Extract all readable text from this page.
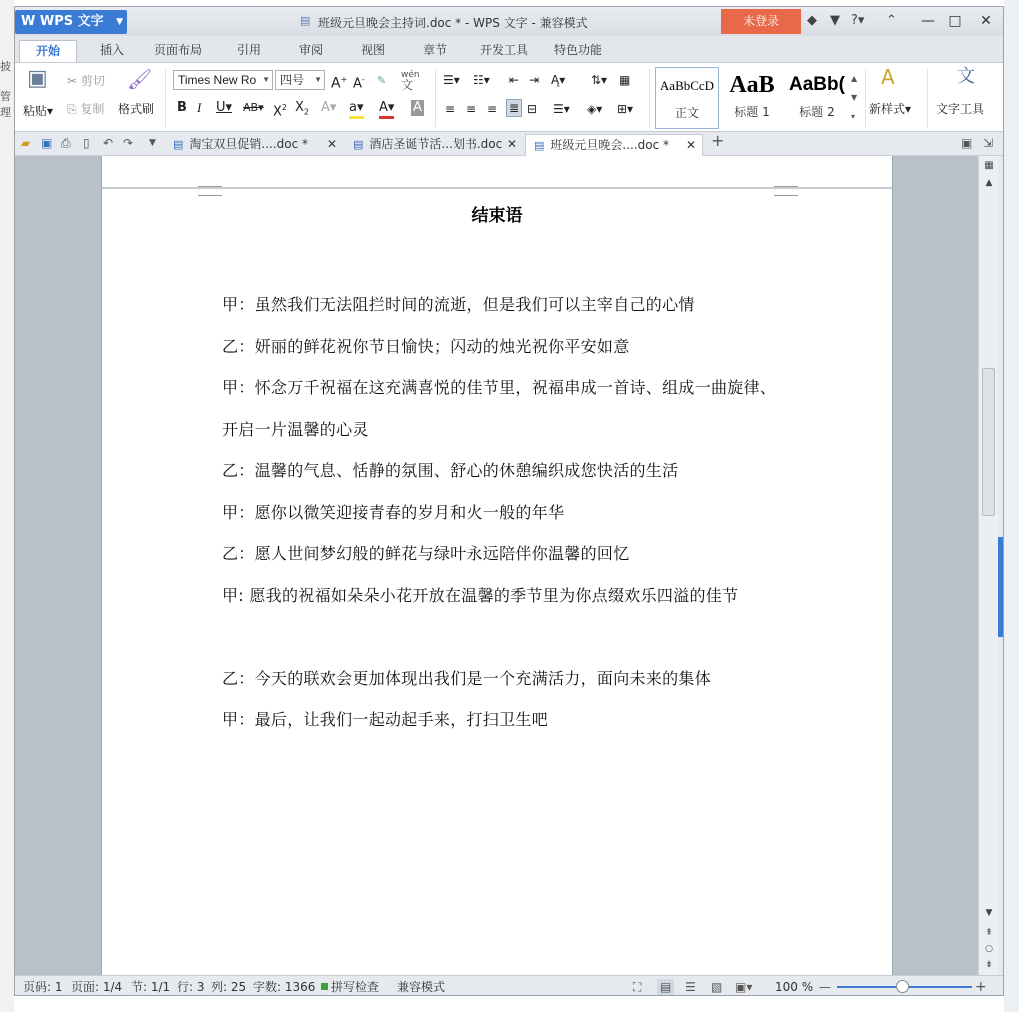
披
管理
W WPS 文字 ▼	▤ 班级元旦晚会主持词.doc * - WPS 文字 - 兼容模式	未登录	◆ ▼ ?▾ ⌃	— □	✕
开始	插入	页面布局	引用	审阅	视图	章节	开发工具	特色功能
▣
粘贴▾
✂ 剪切
⎘ 复制
🖌
格式刷
Times New Ro ▼ 四号 ▼ A+ A- ✎ wén
文
B I U▾ AB▾ $X^2$ $X_2$ A▾ a▾ A▾ A
☰▾ ☷▾ ⇤ ⇥ Ą▾ ⇅▾ ▦
≡ ≡ ≡ ≣ ⊟ ☰▾ ◈▾ ⊞▾
AaBbCcD
正文
AaB
标题 1
AaBb(
标题 2
▲
▼
▾
A
新样式▾
文
文字工具
▰ ▣ ⎙ ▯ ↶ ↷ ▼	▤ 淘宝双旦促销....doc * ✕	▤ 酒店圣诞节活...划书.doc ✕	▤ 班级元旦晚会....doc * ✕ +	▣ ⇲
结束语
甲：虽然我们无法阻拦时间的流逝，但是我们可以主宰自己的心情
乙：妍丽的鲜花祝你节日愉快；闪动的烛光祝你平安如意
甲：怀念万千祝福在这充满喜悦的佳节里，祝福串成一首诗、组成一曲旋律、开启一片温馨的心灵
乙：温馨的气息、恬静的氛围、舒心的休憩编织成您快活的生活
甲：愿你以微笑迎接青春的岁月和火一般的年华
乙：愿人世间梦幻般的鲜花与绿叶永远陪伴你温馨的回忆
甲: 愿我的祝福如朵朵小花开放在温馨的季节里为你点缀欢乐四溢的佳节
乙：今天的联欢会更加体现出我们是一个充满活力，面向未来的集体
甲：最后，让我们一起动起手来，打扫卫生吧
▦
▲
▼
⇞
○
⇟
页码: 1 页面: 1/4 节: 1/1 行: 3 列: 25 字数: 1366	拼写检查 兼容模式	⛶ ▤ ☰ ▧ ▣▾ 100 % —	+
